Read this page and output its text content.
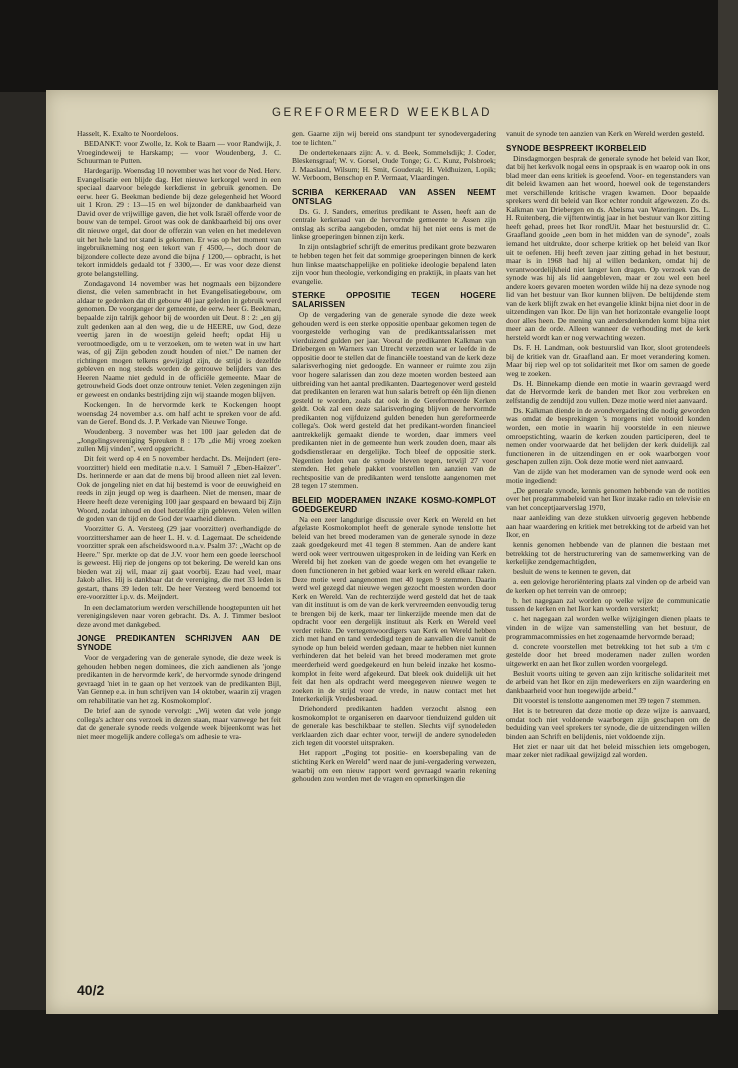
GEREFORMEERD WEEKBLAD

Hasselt, K. Exalto te Noordeloos.

BEDANKT: voor Zwolle, Iz. Kok te Baarn — voor Randwijk, J. Vroegindeweij te Harskamp; — voor Woudenberg, J. C. Schuurman te Putten.

Hardegarijp. Woensdag 10 november was het voor de Ned. Herv. Evangelisatie een blijde dag. Het nieuwe kerkorgel werd in een speciaal daarvoor belegde kerkdienst in gebruik genomen. De eerw. heer G. Beekman bediende bij deze gelegenheid het Woord uit 1 Kron. 29 : 13—15 en wel bijzonder de dankbaarheid van David over de vrijwillige gaven, die het volk Israël offerde voor de bouw van de tempel. Groot was ook de dankbaarheid bij ons over dit nieuwe orgel, dat door de offerzin van velen en het medeleven uit het hele land tot stand is gekomen. Er was op het moment van ingebruikneming nog een tekort van ƒ 4500,—, doch door de bijzondere collecte deze avond die bijna ƒ 1200,— opbracht, is het tekort inmiddels gedaald tot ƒ 3300,—. Er was voor deze dienst grote belangstelling.

Zondagavond 14 november was het nogmaals een bijzondere dienst, die velen samenbracht in het Evangelisatiegebouw, om aldaar te gedenken dat dit gebouw 40 jaar geleden in gebruik werd genomen. De voorganger der gemeente, de eerw. heer G. Beekman, bepaalde zijn talrijk gehoor bij de woorden uit Deut. 8 : 2: „en gij zult gedenken aan al den weg, die u de HEERE, uw God, deze veertig jaren in de woestijn geleid heeft; opdat Hij u verootmoedigde, om u te verzoeken, om te weten wat in uw hart was, of gij Zijn geboden zoudt houden of niet." De namen der richtingen mogen telkens gewijzigd zijn, de strijd is dezelfde gebleven en nog steeds worden de getrouwe belijders van des Heeren Naame niet geduld in de officiële gemeente. Maar de getrouwheid Gods doet onze ontrouw teniet. Velen zegeningen zijn er geweest en ondanks bestrijding zijn wij staande mogen blijven.

Kockengen. In de hervormde kerk te Kockengen hoopt woensdag 24 november a.s. om half acht te spreken voor de afd. van de Geref. Bond ds. J. P. Verkade van Nieuwe Tonge.

Woudenberg. 3 november was het 100 jaar geleden dat de „Jongelingsvereniging Spreuken 8 : 17b „die Mij vroeg zoeken zullen Mij vinden", werd opgericht.

Dit feit werd op 4 en 5 november herdacht. Ds. Meijndert (ere-voorzitter) hield een meditatie n.a.v. 1 Samuël 7 „Eben-Haëzer". Ds. herinnerde er aan dat de mens bij brood alleen niet zal leven. Ook de jongeling niet en dat hij bestemd is voor de eeuwigheid en reeds in zijn jeugd op weg is daarheen. Niet de mensen, maar de Heere heeft deze vereniging 100 jaar gespaard en bewaard bij Zijn Woord, zodat inhoud en doel hetzelfde zijn gebleven. Velen willen de goden van de tijd en de God der waarheid dienen.

Voorzitter G. A. Versteeg (29 jaar voorzitter) overhandigde de voorzittershamer aan de heer L. H. v. d. Lagemaat. De scheidende voorzitter sprak een afscheidswoord n.a.v. Psalm 37: „Wacht op de Heere." Spr. merkte op dat de J.V. voor hem een goede leerschool is geweest. Hij riep de jongens op tot bekering. De wereld kan ons bieden wat zij wil, maar zij gaat voorbij. Ezau had veel, maar Jakob alles. Hij is dankbaar dat de vereniging, die met 33 leden is gestart, thans 39 leden telt. De heer Versteeg werd benoemd tot ere-voorzitter i.p.v. ds. Meijndert.

In een declamatorium werden verschillende hoogtepunten uit het verenigingsleven naar voren gebracht. Ds. A. J. Timmer besloot deze avond met dankgebed.

JONGE PREDIKANTEN SCHRIJVEN AAN DE SYNODE

Voor de vergadering van de generale synode, die deze week is gehouden hebben negen dominees, die zich aandienen als 'jonge predikanten in de hervormde kerk', de hervormde synode dringend gevraagd 'niet in te gaan op het verzoek van de predikanten Bijl, Van Gennep e.a. in hun schrijven van 14 oktober, waarin zij vragen om rehabilitatie van het zg. Kosmokomplot'.

De brief aan de synode vervolgt: „Wij weten dat vele jonge collega's achter ons verzoek in dezen staan, maar vanwege het feit dat de generale synode reeds volgende week bijeenkomt was het niet meer mogelijk andere collega's om adhesie te vra-

gen. Gaarne zijn wij bereid ons standpunt ter synodevergadering toe te lichten."

De ondertekenaars zijn: A. v. d. Beek, Sommelsdijk; J. Coder, Bleskensgraaf; W. v. Gorsel, Oude Tonge; G. C. Kunz, Polsbroek; J. Maasland, Wilsum; H. Smit, Gouderak; H. Veldhuizen, Lopik; W. Verboom, Benschop en P. Vermaat, Vlaardingen.

SCRIBA KERKERAAD VAN ASSEN NEEMT ONTSLAG

Ds. G. J. Sanders, emeritus predikant te Assen, heeft aan de centrale kerkeraad van de hervormde gemeente te Assen zijn ontslag als scriba aangeboden, omdat hij het niet eens is met de linkse groeperingen binnen zijn kerk.

In zijn ontslagbrief schrijft de emeritus predikant grote bezwaren te hebben tegen het feit dat sommige groeperingen binnen de kerk hun linkse maatschappelijke en politieke ideologie bepalend laten zijn voor hun theologie, verkondiging en praktijk, in plaats van het evangelie.

STERKE OPPOSITIE TEGEN HOGERE SALARISSEN

Op de vergadering van de generale synode die deze week gehouden werd is een sterke oppositie openbaar gekomen tegen de voorgestelde verhoging van de predikantssalarissen met vierduizend gulden per jaar. Vooral de predikanten Kalkman van Driebergen en Warners van Utrecht verzetten wat er leefde in de oppositie door te stellen dat de financiële toestand van de kerk deze salarisverhoging niet gedoogde. En wanneer er ruimte zou zijn voor hogere salarissen dan zou deze moeten worden besteed aan uitbreiding van het aantal predikanten. Daartegenover werd gesteld dat predikanten en leraren wat hun salaris betreft op één lijn dienen gesteld te worden, zoals dat ook in de Gereformeerde Kerken geldt. Ook zal een deze salarisverhoging blijven de hervormde predikanten nog vijfduizend gulden beneden hun gereformeerde collega's. Ook werd gesteld dat het predikant-worden financieel aantrekkelijk gemaakt diende te worden, daar immers veel predikanten niet in de gemeente hun werk zouden doen, maar als godsdienstleraar en dergelijke. Toch bleef de oppositie sterk. Negentien leden van de synode bleven tegen, terwijl 27 voor stemden. Het gehele pakket voorstellen ten aanzien van de rechtspositie van de predikanten werd tenslotte aangenomen met 28 tegen 17 stemmen.

BELEID MODERAMEN INZAKE KOSMO-KOMPLOT GOEDGEKEURD

Na een zeer langdurige discussie over Kerk en Wereld en het afgelaste Kosmokomplot heeft de generale synode tenslotte het beleid van het breed moderamen van de generale synode in deze zaak goedgekeurd met 41 tegen 8 stemmen. Aan de andere kant werd ook weer vertrouwen uitgesproken in de leiding van Kerk en Wereld bij het zoeken van de goede wegen om het evangelie te doen functioneren in het gebied waar kerk en wereld elkaar raken. Deze motie werd aangenomen met 40 tegen 9 stemmen. Daarin werd wel gezegd dat nieuwe wegen gezocht moesten worden door Kerk en Wereld. Van de rechterzijde werd gesteld dat het de taak van dit instituut is om de van de kerk vervreemden eenvoudig terug te brengen bij de kerk, maar ter linkerzijde meende men dat de opdracht voor een dergelijk instituut als Kerk en Wereld veel verder reikte. De vertegenwoordigers van Kerk en Wereld hebben zich met hand en tand verdedigd tegen de aanvallen die vanuit de synode op hun beleid werden gedaan, maar te hebben niet kunnen verhinderen dat het beleid van het breed moderamen met grote meerderheid werd goedgekeurd en hun beleid inzake het kosmo-komplot in feite werd afgekeurd. Dat bleek ook duidelijk uit het feit dat hen als opdracht werd meegegeven nieuwe wegen te zoeken in de strijd voor de vrede, in nauw contact met het Interkerkelijk Vredesberaad.

Driehonderd predikanten hadden verzocht alsnog een kosmokomplot te organiseren en daarvoor tienduizend gulden uit de generale kas beschikbaar te stellen. Slechts vijf synodeleden verklaarden zich daar echter voor, terwijl de andere synodeleden zich tegen dit voorstel uitspraken.

Het rapport „Poging tot positie- en koersbepaling van de stichting Kerk en Wereld" werd naar de juni-vergadering verwezen, waarbij om een nieuw rapport werd gevraagd waarin rekening gehouden zou worden met de vragen en opmerkingen die

vanuit de synode ten aanzien van Kerk en Wereld werden gesteld.

SYNODE BESPREEKT IKORBELEID

Dinsdagmorgen besprak de generale synode het beleid van Ikor, dat bij het kerkvolk nogal eens in opspraak is en waarop ook in ons blad meer dan eens kritiek is geoefend. Voor- en tegenstanders van dit beleid kwamen aan het woord, hoewel ook de tegenstanders met verschillende kritische vragen kwamen. Door bepaalde sprekers werd dit beleid van Ikor echter ronduit afgewezen. Zo ds. Kalkman van Driebergen en ds. Abelsma van Wateringen. Ds. L. H. Ruitenberg, die vijftentwintig jaar in het bestuur van Ikor zitting heeft gehad, prees het Ikor rondUit. Maar het bestuurslid dr. C. Graafland gooide „een bom in het midden van de synode", zoals iemand het uitdrukte, door scherpe kritiek op het beleid van Ikor uit te oefenen. Hij heeft zeven jaar zitting gehad in het bestuur, maar is in 1968 had hij al willen bedanken, omdat hij de verantwoordelijkheid niet langer kon dragen. Op verzoek van de synode was hij als lid aangebleven, maar er zou wel een heel andere koers gevaren moeten worden wilde hij na deze synode nog lid van het bestuur van Ikor kunnen blijven. De beltijdende stem van de kerk blijft zwak en het evangelie klinkt bijna niet door in de uitzendingen van Ikor. De lijn van het horizontale evangelie loopt door alles heen. De mening van andersdenkenden komt bijna niet meer aan de orde. Alleen wanneer de verhouding met de kerk hersteld wordt kan er nog verwachting wezen.

Ds. F. H. Landman, ook bestuurslid van Ikor, sloot grotendeels bij de kritiek van dr. Graafland aan. Er moet verandering komen. Maar bij riep wel op tot solidariteit met Ikor om samen de goede weg te zoeken.

Ds. H. Binnekamp diende een motie in waarin gevraagd werd dat de Hervormde kerk de banden met Ikor zou verbreken en zelfstandig de zendtijd zou vullen. Deze motie werd niet aanvaard.

Ds. Kalkman diende in de avondvergadering die nodig geworden was omdat de besprekingen 's morgens niet voltooid konden worden, een motie in waarin hij voorstelde in een nieuwe omroepstichting, waarin de kerken zouden participeren, deel te nemen onder voorwaarde dat het belijden der kerk duidelijk zal functioneren in de uitzendingen en er ook waarborgen voor geschapen zullen zijn. Ook deze motie werd niet aanvaard.

Van de zijde van het moderamen van de synode werd ook een motie ingediend:

„De generale synode, kennis genomen hebbende van de notities over het programmabeleid van het Ikor inzake radio en televisie en van het conceptjaarverslag 1970,

naar aanleiding van deze stukken uitvoerig gegeven hebbende aan haar waardering en kritiek met betrekking tot de arbeid van het Ikor, en

kennis genomen hebbende van de plannen die bestaan met betrekking tot de herstructurering van de samenwerking van de kerkelijke zendgemachtigden,

besluit de wens te kennen te geven, dat

a. een gelovige heroriëntering plaats zal vinden op de arbeid van de kerken op het terrein van de omroep;

b. het nagegaan zal worden op welke wijze de communicatie tussen de kerken en het Ikor kan worden versterkt;

c. het nagegaan zal worden welke wijzigingen dienen plaats te vinden in de wijze van samenstelling van het bestuur, de programmacommissies en het zogenaamde hervormde beraad;

d. concrete voorstellen met betrekking tot het sub a t/m c gestelde door het breed moderamen nader zullen worden uitgewerkt en aan het Ikor zullen worden voorgelegd.

Besluit voorts uiting te geven aan zijn kritische solidariteit met de arbeid van het Ikor en zijn medewerkers en zijn waardering en dankbaarheid voor hun toegewijde arbeid."

Dit voorstel is tenslotte aangenomen met 39 tegen 7 stemmen.

Het is te betreuren dat deze motie op deze wijze is aanvaard, omdat toch niet voldoende waarborgen zijn geschapen om de beduiding van veel sprekers ter synode, die de uitzendingen willen binden aan Schrift en belijdenis, niet voldoende zijn.

Het ziet er naar uit dat het beleid misschien iets omgebogen, maar zeker niet radikaal gewijzigd zal worden.

40/2
